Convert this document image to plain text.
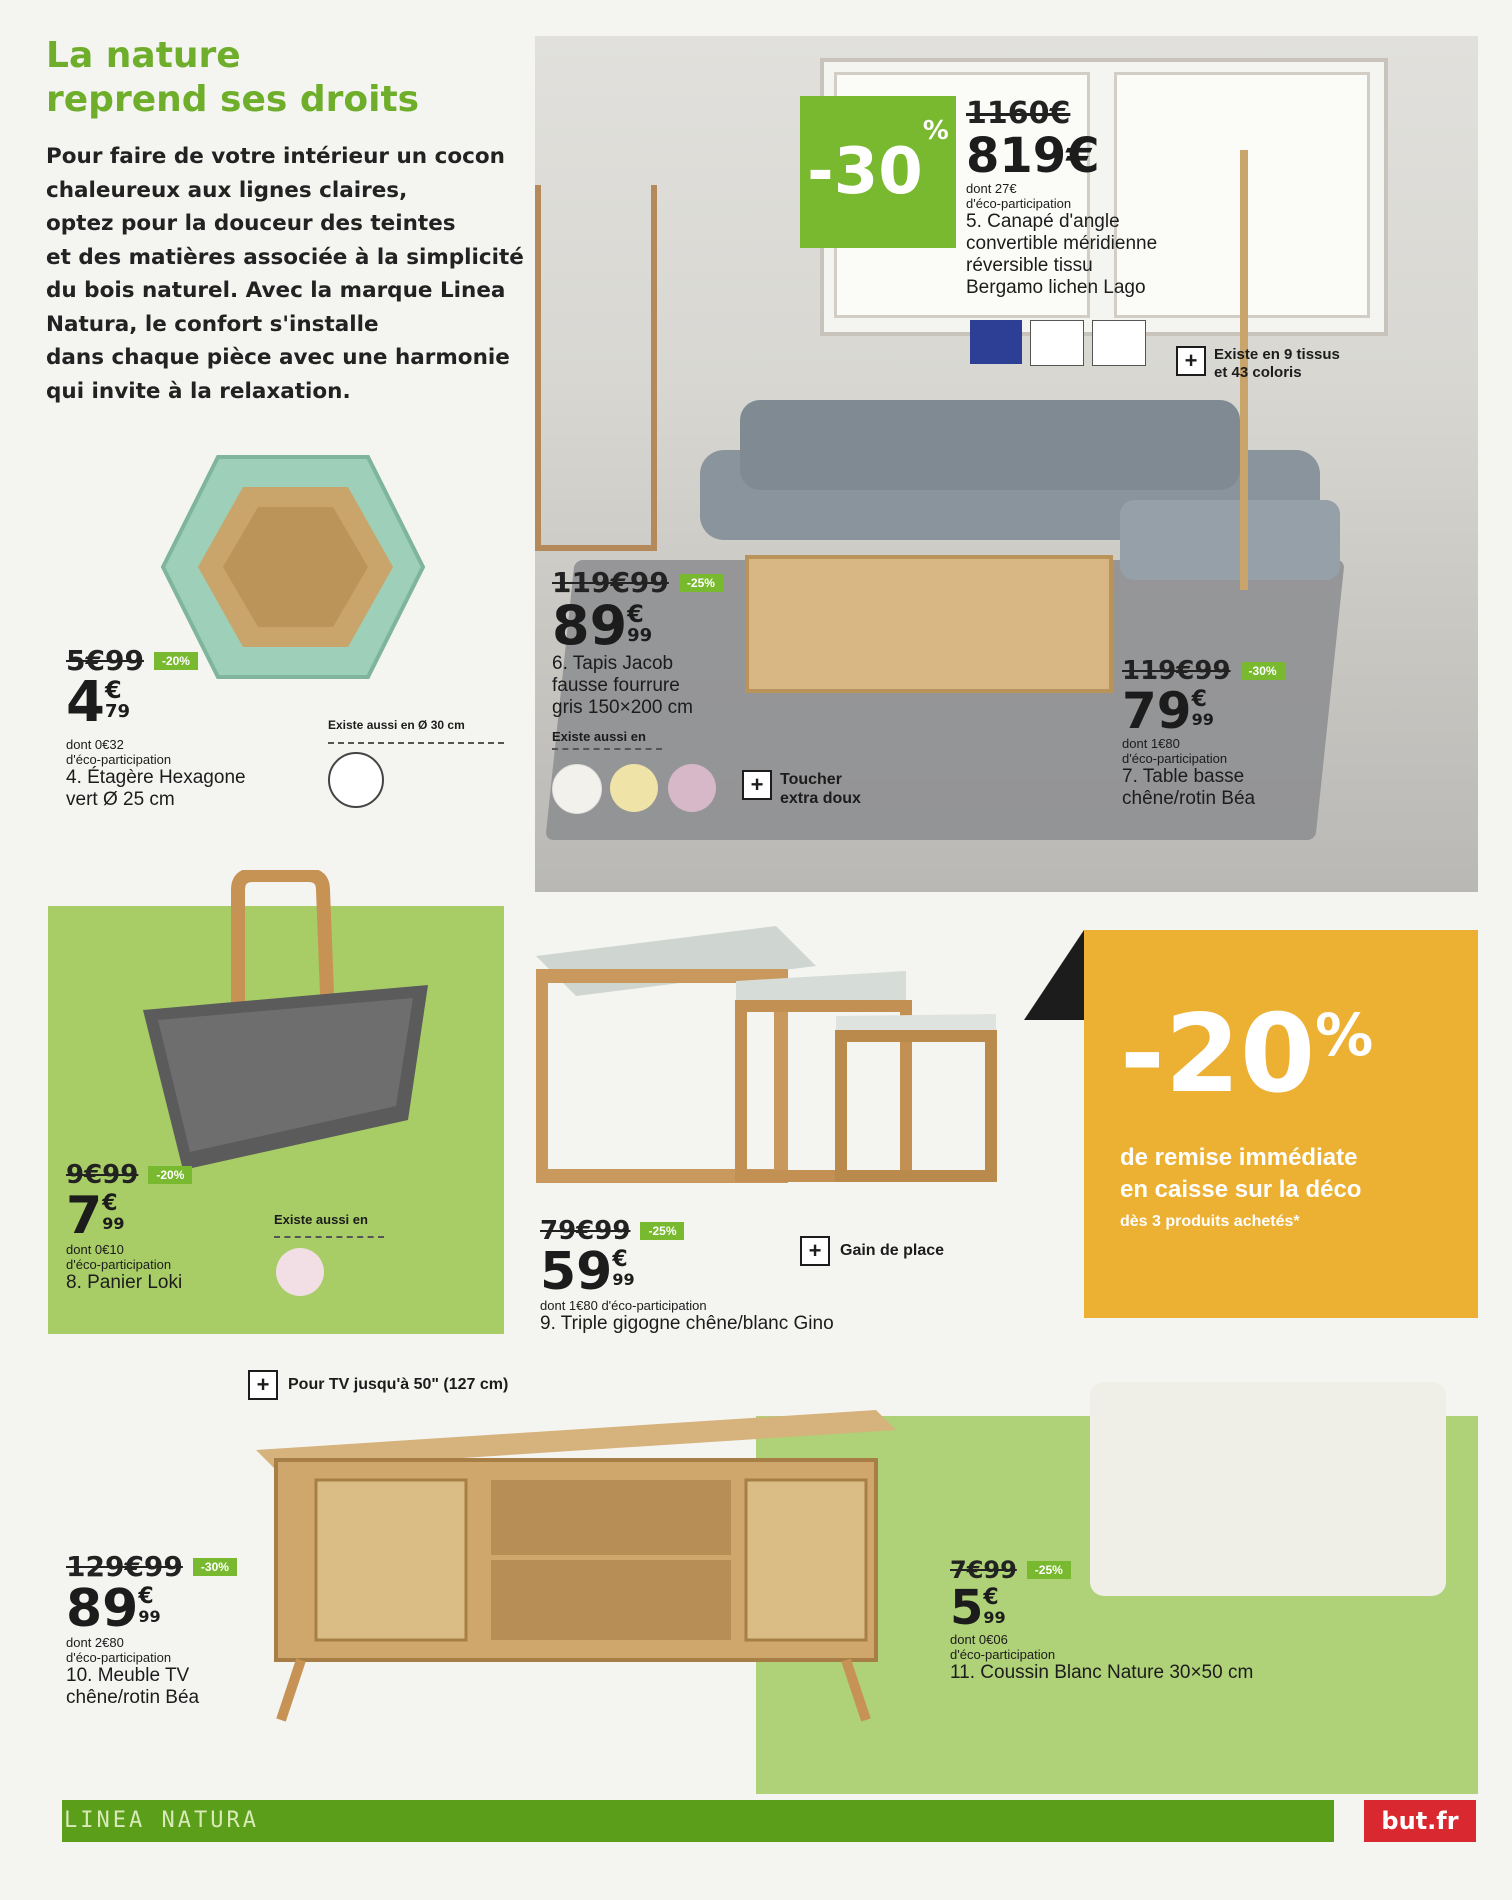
La nature
reprend ses droits
Pour faire de votre intérieur un cocon
chaleureux aux lignes claires,
optez pour la douceur des teintes
et des matières associée à la simplicité
du bois naturel. Avec la marque Linea
Natura, le confort s'installe
dans chaque pièce avec une harmonie
qui invite à la relaxation.
5€99	-20%
4 €
79
dont 0€32
d'éco-participation
4. Étagère Hexagone
vert Ø 25 cm
Existe aussi en Ø 30 cm
-30% 1160€
819€
dont 27€
d'éco-participation
5. Canapé d'angle
convertible méridienne
réversible tissu
Bergamo lichen Lago
+	Existe en 9 tissus
et 43 coloris
119€99	-25%
89 €
99
6. Tapis Jacob
fausse fourrure
gris 150×200 cm
Existe aussi en
+	Toucher
extra doux
119€99	-30%
79 €
99
dont 1€80
d'éco-participation
7. Table basse
chêne/rotin Béa
9€99	-20%
7 €
99
dont 0€10
d'éco-participation
8. Panier Loki
Existe aussi en	79€99	-25%
59 €
99
dont 1€80 d'éco-participation
9. Triple gigogne chêne/blanc Gino
+	Gain de place
-20%
de remise immédiate
en caisse sur la déco
dès 3 produits achetés*
+	Pour TV jusqu'à 50" (127 cm)
129€99	-30%
89 €
99
dont 2€80
d'éco-participation
10. Meuble TV
chêne/rotin Béa
7€99	-25%
5 €
99
dont 0€06
d'éco-participation
11. Coussin Blanc Nature 30×50 cm
LINEA NATURA	but.fr
